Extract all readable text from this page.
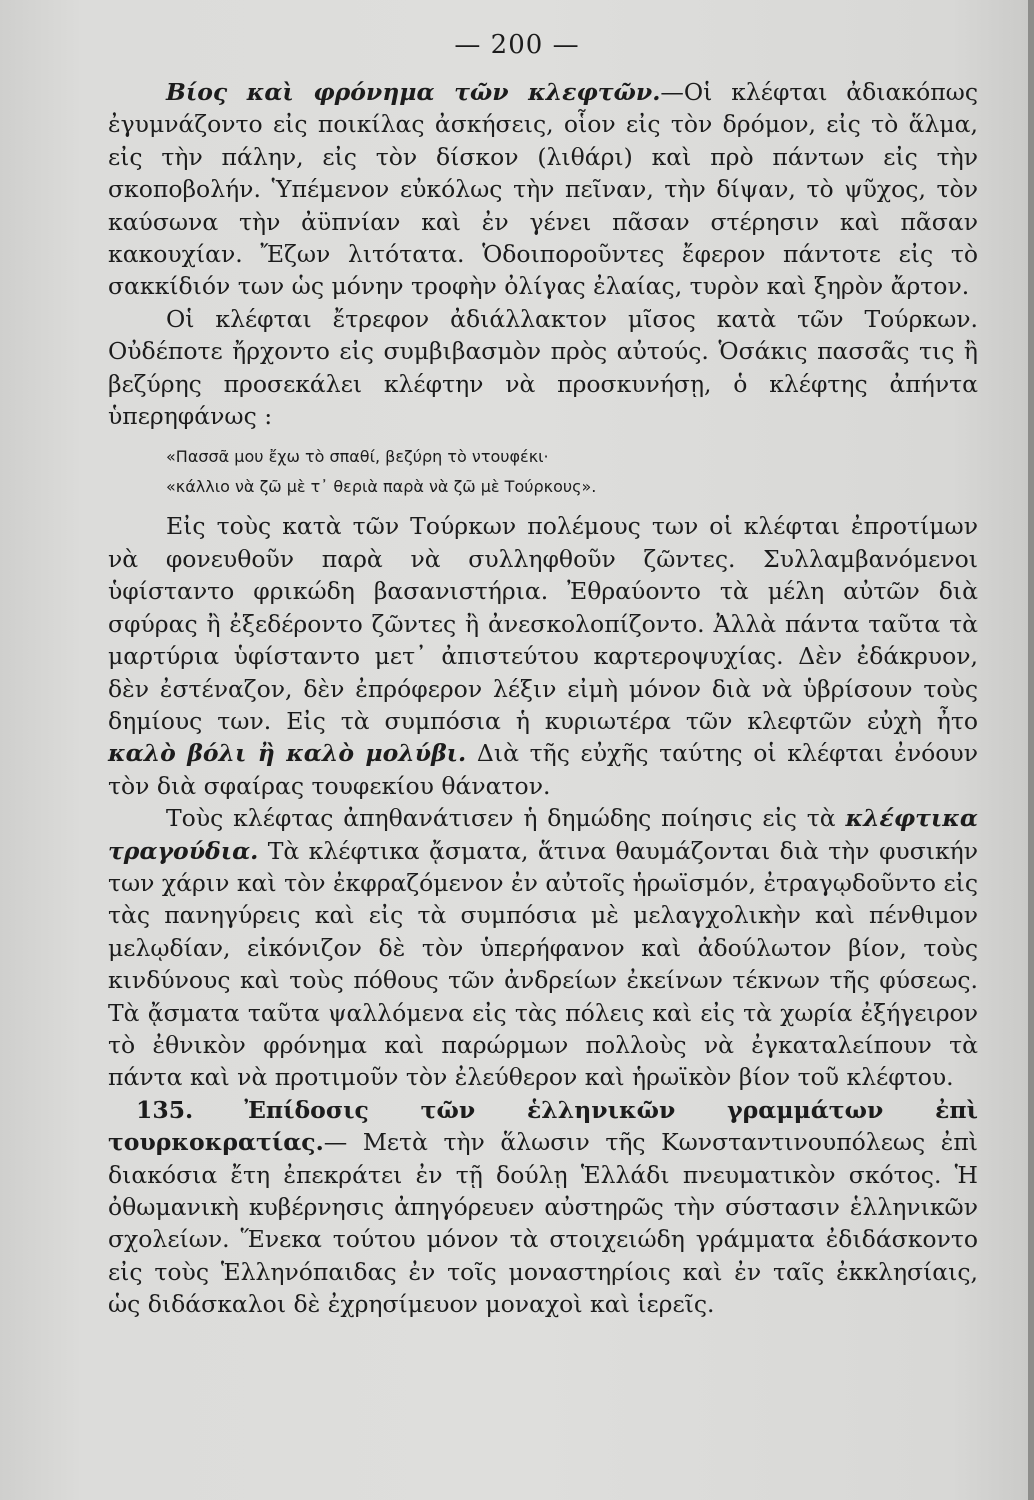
— 200 —

Βίος καὶ φρόνημα τῶν κλεφτῶν.—Οἱ κλέφται ἀδιακόπως ἐγυμνάζοντο εἰς ποικίλας ἀσκήσεις, οἷον εἰς τὸν δρόμον, εἰς τὸ ἅλμα, εἰς τὴν πάλην, εἰς τὸν δίσκον (λιθάρι) καὶ πρὸ πάντων εἰς τὴν σκοποβολήν. Ὑπέμενον εὐκόλως τὴν πεῖναν, τὴν δίψαν, τὸ ψῦχος, τὸν καύσωνα τὴν ἀϋπνίαν καὶ ἐν γένει πᾶσαν στέρησιν καὶ πᾶσαν κακουχίαν. Ἔζων λιτότατα. Ὁδοιποροῦντες ἔφερον πάντοτε εἰς τὸ σακκίδιόν των ὡς μόνην τροφὴν ὀλίγας ἐλαίας, τυρὸν καὶ ξηρὸν ἄρτον.

Οἱ κλέφται ἔτρεφον ἀδιάλλακτον μῖσος κατὰ τῶν Τούρκων. Οὐδέποτε ἤρχοντο εἰς συμβιβασμὸν πρὸς αὐτούς. Ὁσάκις πασσᾶς τις ἢ βεζύρης προσεκάλει κλέφτην νὰ προσκυνήσῃ, ὁ κλέφτης ἀπήντα ὑπερηφάνως :

«Πασσᾶ μου ἔχω τὸ σπαθί, βεζύρη τὸ ντουφέκι·
«κάλλιο νὰ ζῶ μὲ τ᾽ θεριὰ παρὰ νὰ ζῶ μὲ Τούρκους».

Εἰς τοὺς κατὰ τῶν Τούρκων πολέμους των οἱ κλέφται ἐπροτίμων νὰ φονευθοῦν παρὰ νὰ συλληφθοῦν ζῶντες. Συλλαμβανόμενοι ὑφίσταντο φρικώδη βασανιστήρια. Ἐθραύοντο τὰ μέλη αὐτῶν διὰ σφύρας ἢ ἐξεδέροντο ζῶντες ἢ ἀνεσκολοπίζοντο. Ἀλλὰ πάντα ταῦτα τὰ μαρτύρια ὑφίσταντο μετ᾽ ἀπιστεύτου καρτεροψυχίας. Δὲν ἐδάκρυον, δὲν ἐστέναζον, δὲν ἐπρόφερον λέξιν εἰμὴ μόνον διὰ νὰ ὑβρίσουν τοὺς δημίους των. Εἰς τὰ συμπόσια ἡ κυριωτέρα τῶν κλεφτῶν εὐχὴ ἦτο καλὸ βόλι ἢ καλὸ μολύβι. Διὰ τῆς εὐχῆς ταύτης οἱ κλέφται ἐνόουν τὸν διὰ σφαίρας τουφεκίου θάνατον.

Τοὺς κλέφτας ἀπηθανάτισεν ἡ δημώδης ποίησις εἰς τὰ κλέφτικα τραγούδια. Τὰ κλέφτικα ᾄσματα, ἅτινα θαυμάζονται διὰ τὴν φυσικήν των χάριν καὶ τὸν ἐκφραζόμενον ἐν αὐτοῖς ἡρωϊσμόν, ἐτραγῳδοῦντο εἰς τὰς πανηγύρεις καὶ εἰς τὰ συμπόσια μὲ μελαγχολικὴν καὶ πένθιμον μελῳδίαν, εἰκόνιζον δὲ τὸν ὑπερήφανον καὶ ἀδούλωτον βίον, τοὺς κινδύνους καὶ τοὺς πόθους τῶν ἀνδρείων ἐκείνων τέκνων τῆς φύσεως. Τὰ ᾄσματα ταῦτα ψαλλόμενα εἰς τὰς πόλεις καὶ εἰς τὰ χωρία ἐξήγειρον τὸ ἐθνικὸν φρόνημα καὶ παρώρμων πολλοὺς νὰ ἐγκαταλείπουν τὰ πάντα καὶ νὰ προτιμοῦν τὸν ἐλεύθερον καὶ ἡρωϊκὸν βίον τοῦ κλέφτου.

135. Ἐπίδοσις τῶν ἑλληνικῶν γραμμάτων ἐπὶ τουρκοκρατίας.— Μετὰ τὴν ἅλωσιν τῆς Κωνσταντινουπόλεως ἐπὶ διακόσια ἔτη ἐπεκράτει ἐν τῇ δούλῃ Ἑλλάδι πνευματικὸν σκότος. Ἡ ὀθωμανικὴ κυβέρνησις ἀπηγόρευεν αὐστηρῶς τὴν σύστασιν ἑλληνικῶν σχολείων. Ἕνεκα τούτου μόνον τὰ στοιχειώδη γράμματα ἐδιδάσκοντο εἰς τοὺς Ἑλληνόπαιδας ἐν τοῖς μοναστηρίοις καὶ ἐν ταῖς ἐκκλησίαις, ὡς διδάσκαλοι δὲ ἐχρησίμευον μοναχοὶ καὶ ἱερεῖς.
